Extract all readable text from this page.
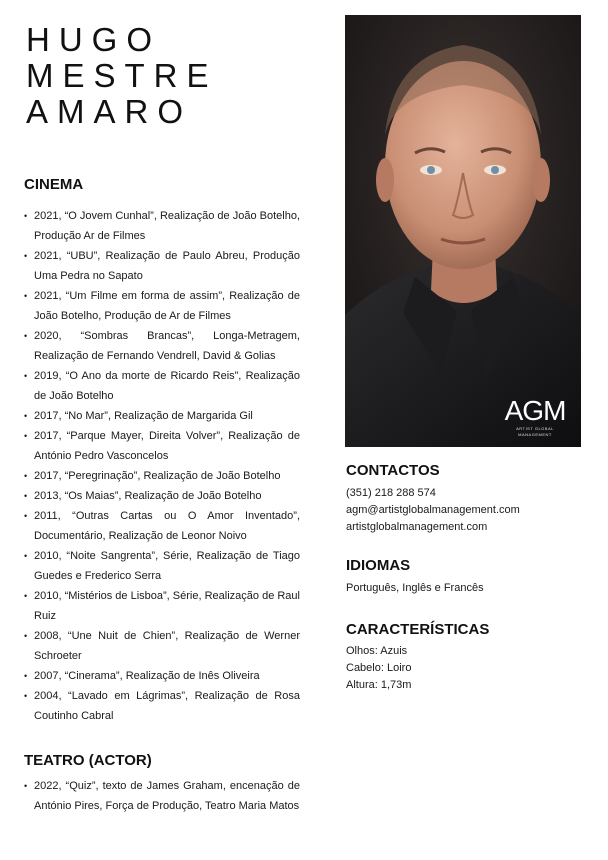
HUGO
MESTRE
AMARO
CINEMA
• 2021, “O Jovem Cunhal”, Realização de João Botelho, Produção Ar de Filmes
• 2021, “UBU”, Realização de Paulo Abreu, Produção Uma Pedra no Sapato
• 2021, “Um Filme em forma de assim”, Realização de João Botelho, Produção de Ar de Filmes
• 2020, “Sombras Brancas”, Longa-Metragem, Realização de Fernando Vendrell, David & Golias
• 2019, “O Ano da morte de Ricardo Reis”, Realização de João Botelho
• 2017, “No Mar”, Realização de Margarida Gil
• 2017, “Parque Mayer, Direita Volver”, Realização de António Pedro Vasconcelos
• 2017, “Peregrinação”, Realização de João Botelho
• 2013, “Os Maias”, Realização de João Botelho
• 2011, “Outras Cartas ou O Amor Inventado”, Documentário, Realização de Leonor Noivo
• 2010, “Noite Sangrenta”, Série, Realização de Tiago Guedes e Frederico Serra
• 2010, “Mistérios de Lisboa”, Série, Realização de Raul Ruiz
• 2008, “Une Nuit de Chien”, Realização de Werner Schroeter
• 2007, “Cinerama”, Realização de Inês Oliveira
• 2004, “Lavado em Lágrimas”, Realização de Rosa Coutinho Cabral
TEATRO (ACTOR)
• 2022, “Quiz”, texto de James Graham, encenação de António Pires, Força de Produção, Teatro Maria Matos
AGM
ARTIST GLOBAL MANAGEMENT
CONTACTOS
(351) 218 288 574
agm@artistglobalmanagement.com
artistglobalmanagement.com
IDIOMAS
Português, Inglês e Francês
CARACTERÍSTICAS
Olhos: Azuis
Cabelo: Loiro
Altura: 1,73m
